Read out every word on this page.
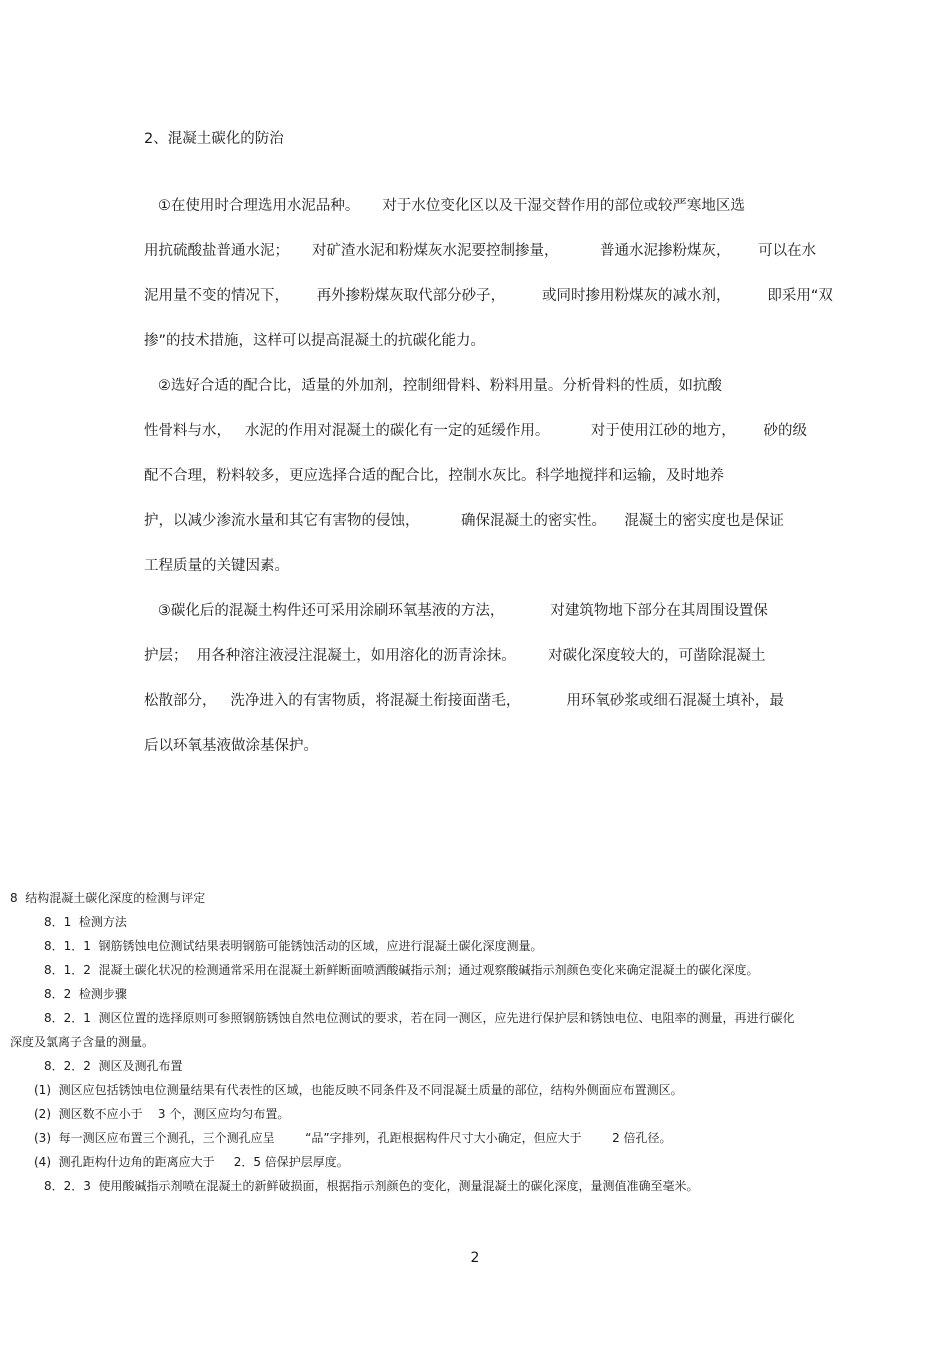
2、混凝土碳化的防治

①在使用时合理选用水泥品种。     对于水位变化区以及干湿交替作用的部位或较严寒地区选

用抗硫酸盐普通水泥；     对矿渣水泥和粉煤灰水泥要控制掺量，         普通水泥掺粉煤灰，      可以在水

泥用量不变的情况下，      再外掺粉煤灰取代部分砂子，        或同时掺用粉煤灰的减水剂，        即采用“双

掺”的技术措施，这样可以提高混凝土的抗碳化能力。

②选好合适的配合比，适量的外加剂，控制细骨料、粉料用量。分析骨料的性质，如抗酸

性骨料与水，   水泥的作用对混凝土的碳化有一定的延缓作用。         对于使用江砂的地方，      砂的级

配不合理，粉料较多，更应选择合适的配合比，控制水灰比。科学地搅拌和运输，及时地养

护，以减少渗流水量和其它有害物的侵蚀，         确保混凝土的密实性。    混凝土的密实度也是保证

工程质量的关键因素。

③碳化后的混凝土构件还可采用涂刷环氧基液的方法，          对建筑物地下部分在其周围设置保

护层；  用各种溶注液浸注混凝土，如用溶化的沥青涂抹。       对碳化深度较大的，可凿除混凝土

松散部分，   洗净进入的有害物质，将混凝土衔接面凿毛，          用环氧砂浆或细石混凝土填补，最

后以环氧基液做涂基保护。

8  结构混凝土碳化深度的检测与评定

8．1  检测方法

8．1．1  钢筋锈蚀电位测试结果表明钢筋可能锈蚀活动的区域，应进行混凝土碳化深度测量。

8．1．2  混凝土碳化状况的检测通常采用在混凝土新鲜断面喷洒酸碱指示剂；通过观察酸碱指示剂颜色变化来确定混凝土的碳化深度。

8．2  检测步骤

8．2．1  测区位置的选择原则可参照钢筋锈蚀自然电位测试的要求，若在同一测区，应先进行保护层和锈蚀电位、电阻率的测量，再进行碳化

深度及氯离子含量的测量。

8．2．2  测区及测孔布置

(1)  测区应包括锈蚀电位测量结果有代表性的区域，也能反映不同条件及不同混凝土质量的部位，结构外侧面应布置测区。

(2)  测区数不应小于    3 个，测区应均匀布置。

(3)  每一测区应布置三个测孔，三个测孔应呈        “品”字排列，孔距根据构件尺寸大小确定，但应大于        2 倍孔径。

(4)  测孔距构什边角的距离应大于     2．5 倍保护层厚度。

8．2．3  使用酸碱指示剂喷在混凝土的新鲜破损面，根据指示剂颜色的变化，测量混凝土的碳化深度，量测值准确至毫米。

2
